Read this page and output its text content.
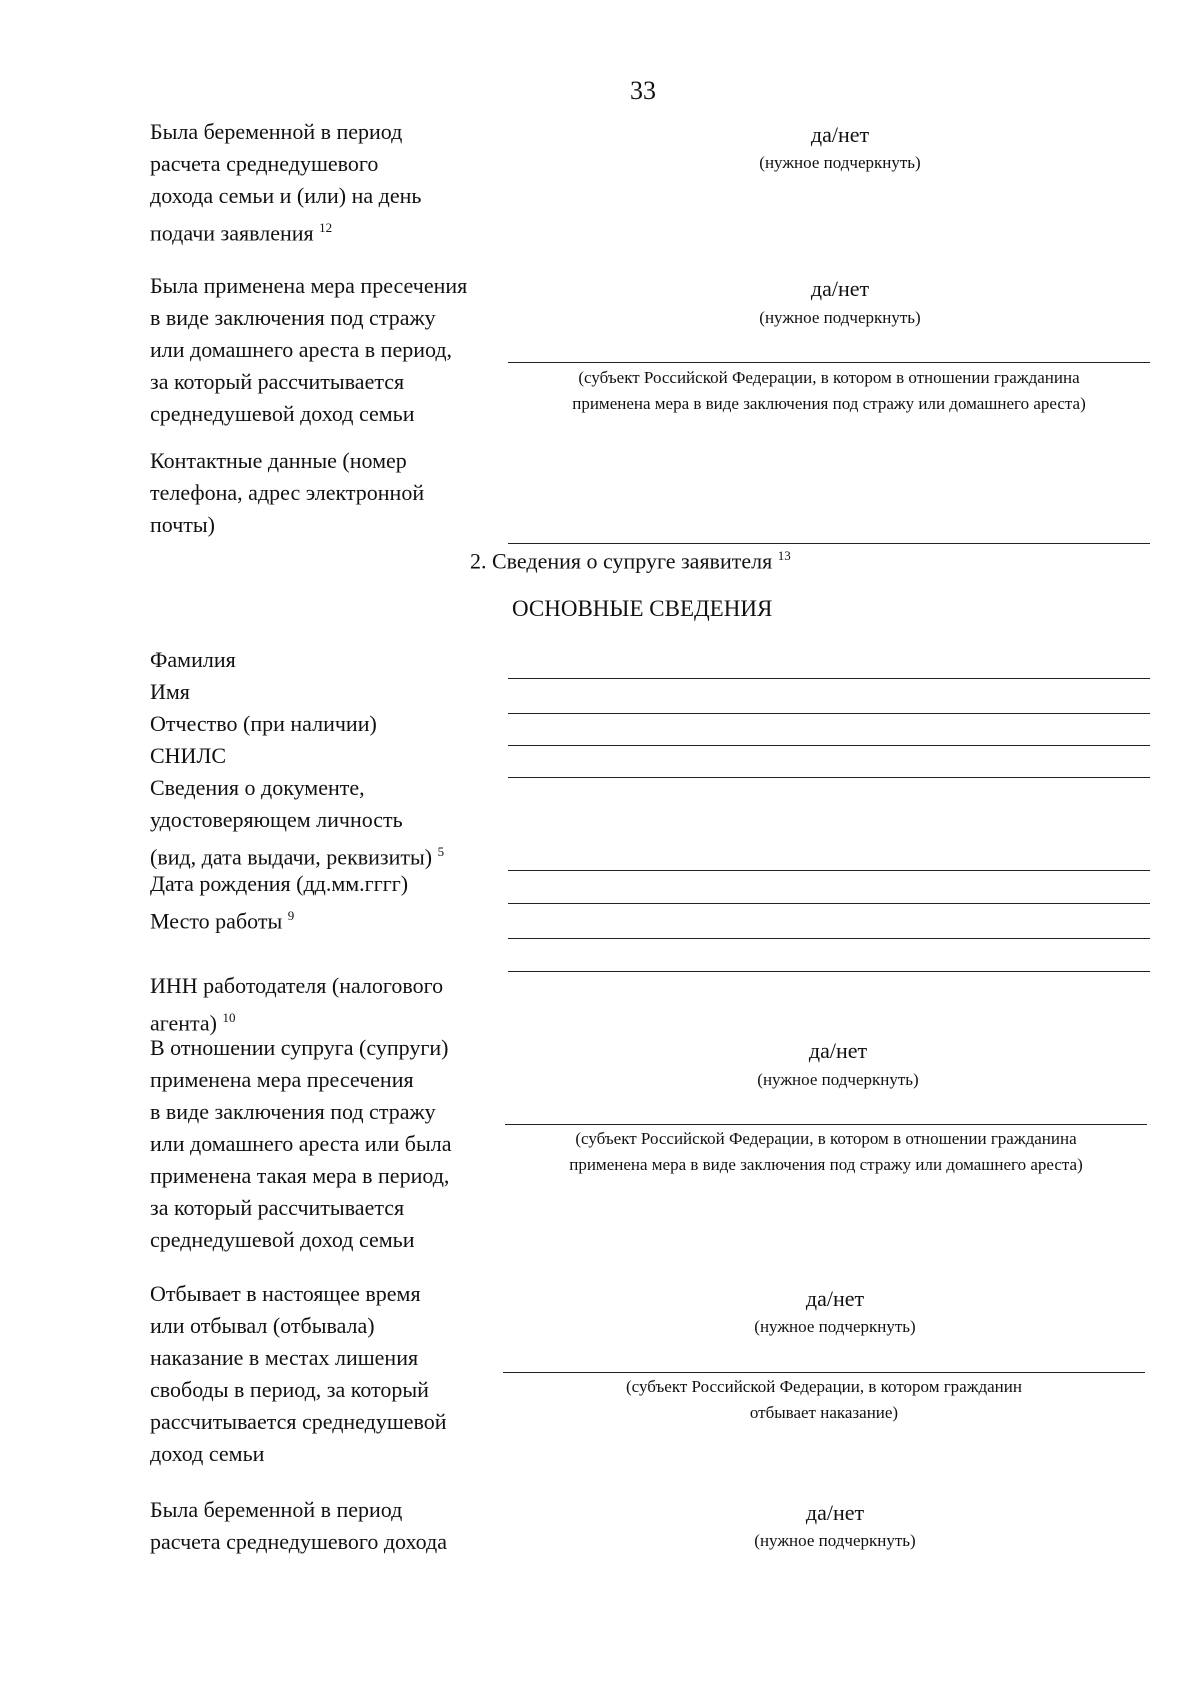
33
Была беременной в период
расчета среднедушевого
дохода семьи и (или) на день
подачи заявления $^{12}$
да/нет
(нужное подчеркнуть)
Была применена мера пресечения
в виде заключения под стражу
или домашнего ареста в период,
за который рассчитывается
среднедушевой доход семьи
да/нет
(нужное подчеркнуть)
(субъект Российской Федерации, в котором в отношении гражданина
применена мера в виде заключения под стражу или домашнего ареста)
Контактные данные (номер
телефона, адрес электронной
почты)
2. Сведения о супруге заявителя $^{13}$
ОСНОВНЫЕ СВЕДЕНИЯ
Фамилия
Имя
Отчество (при наличии)
СНИЛС
Сведения о документе,
удостоверяющем личность
(вид, дата выдачи, реквизиты) $^5$
Дата рождения (дд.мм.гггг)
Место работы $^9$
ИНН работодателя (налогового
агента) $^{10}$
В отношении супруга (супруги)
применена мера пресечения
в виде заключения под стражу
или домашнего ареста или была
применена такая мера в период,
за который рассчитывается
среднедушевой доход семьи
да/нет
(нужное подчеркнуть)
(субъект Российской Федерации, в котором в отношении гражданина
применена мера в виде заключения под стражу или домашнего ареста)
Отбывает в настоящее время
или отбывал (отбывала)
наказание в местах лишения
свободы в период, за который
рассчитывается среднедушевой
доход семьи
да/нет
(нужное подчеркнуть)
(субъект Российской Федерации, в котором гражданин
отбывает наказание)
Была беременной в период
расчета среднедушевого дохода
да/нет
(нужное подчеркнуть)
